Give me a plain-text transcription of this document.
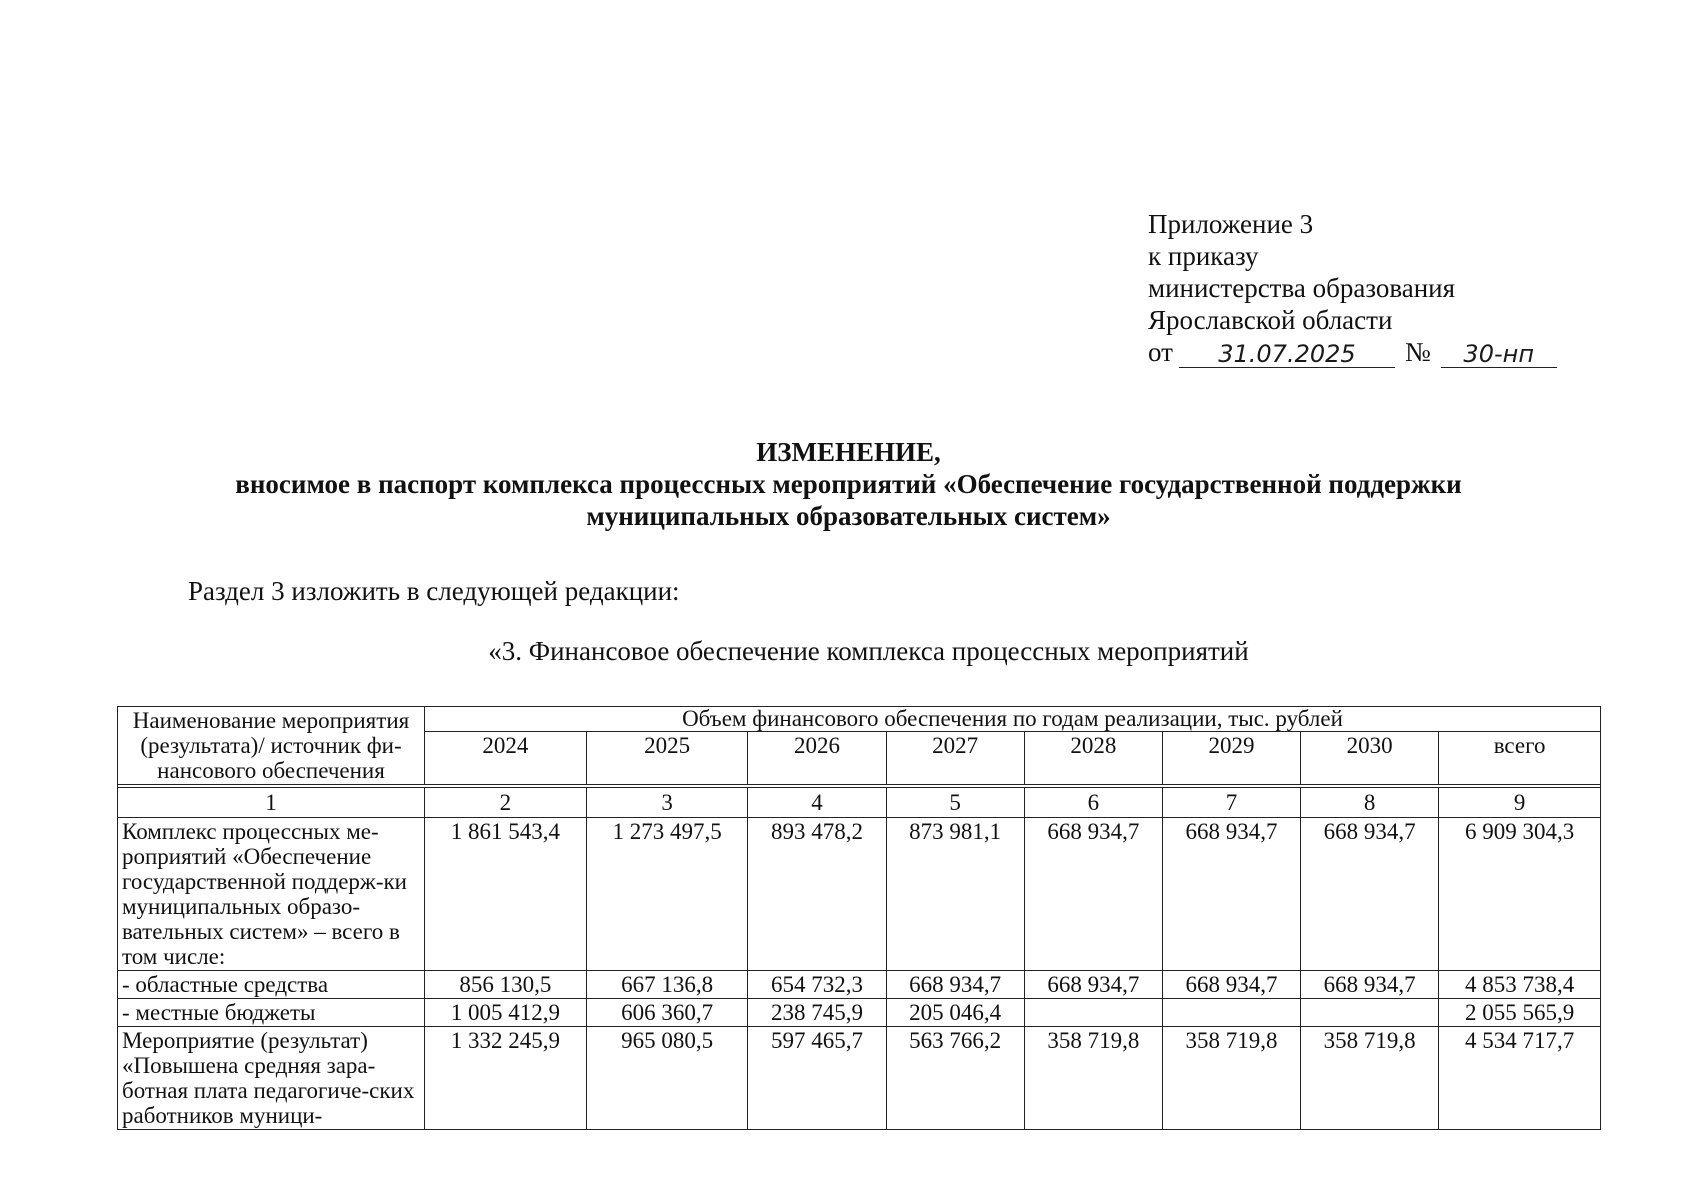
Приложение 3
к приказу
министерства образования
Ярославской области
от	31.07.2025	№	30-нп
ИЗМЕНЕНИЕ,
вносимое в паспорт комплекса процессных мероприятий «Обеспечение государственной поддержки
муниципальных образовательных систем»
Раздел 3 изложить в следующей редакции:
«3. Финансовое обеспечение комплекса процессных мероприятий
Наименование мероприятия (результата)/ источник фи-нансового обеспечения	Объем финансового обеспечения по годам реализации, тыс. рублей							
	2024	2025	2026	2027	2028	2029	2030	всего

1	2	3	4	5	6	7	8	9
Комплекс процессных ме-роприятий «Обеспечение государственной поддерж-ки муниципальных образо-вательных систем» – всего в том числе:	1 861 543,4	1 273 497,5	893 478,2	873 981,1	668 934,7	668 934,7	668 934,7	6 909 304,3
- областные средства	856 130,5	667 136,8	654 732,3	668 934,7	668 934,7	668 934,7	668 934,7	4 853 738,4
- местные бюджеты	1 005 412,9	606 360,7	238 745,9	205 046,4				2 055 565,9
Мероприятие (результат) «Повышена средняя зара-ботная плата педагогиче-ских работников муници-	1 332 245,9	965 080,5	597 465,7	563 766,2	358 719,8	358 719,8	358 719,8	4 534 717,7
